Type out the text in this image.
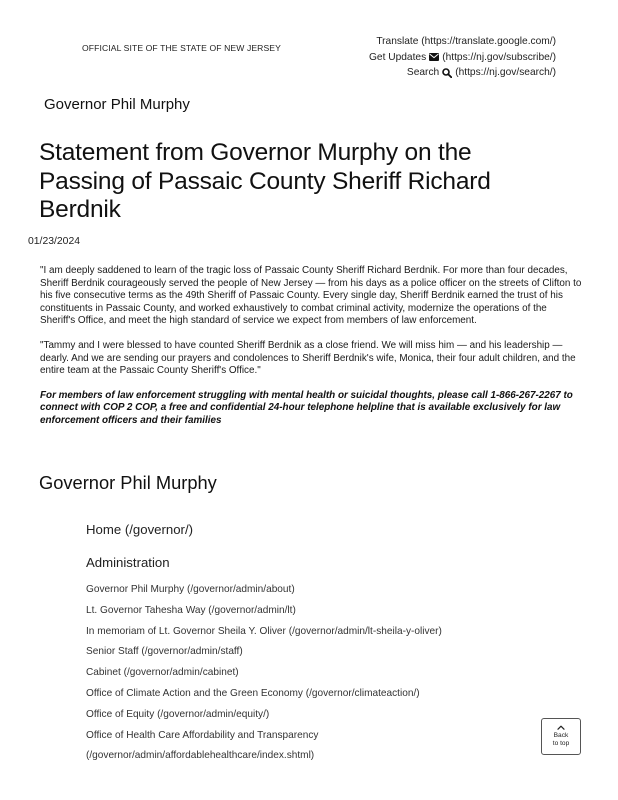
OFFICIAL SITE OF THE STATE OF NEW JERSEY
Translate (https://translate.google.com/)
Get Updates (https://nj.gov/subscribe/)
Search (https://nj.gov/search/)
Governor Phil Murphy
Statement from Governor Murphy on the Passing of Passaic County Sheriff Richard Berdnik
01/23/2024

"I am deeply saddened to learn of the tragic loss of Passaic County Sheriff Richard Berdnik. For more than four decades, Sheriff Berdnik courageously served the people of New Jersey — from his days as a police officer on the streets of Clifton to his five consecutive terms as the 49th Sheriff of Passaic County. Every single day, Sheriff Berdnik earned the trust of his constituents in Passaic County, and worked exhaustively to combat criminal activity, modernize the operations of the Sheriff's Office, and meet the high standard of service we expect from members of law enforcement.

"Tammy and I were blessed to have counted Sheriff Berdnik as a close friend. We will miss him — and his leadership — dearly. And we are sending our prayers and condolences to Sheriff Berdnik's wife, Monica, their four adult children, and the entire team at the Passaic County Sheriff's Office."

For members of law enforcement struggling with mental health or suicidal thoughts, please call 1-866-267-2267 to connect with COP 2 COP, a free and confidential 24-hour telephone helpline that is available exclusively for law enforcement officers and their families

Governor Phil Murphy
Home (/governor/)
Administration
Governor Phil Murphy (/governor/admin/about)
Lt. Governor Tahesha Way (/governor/admin/lt)
In memoriam of Lt. Governor Sheila Y. Oliver (/governor/admin/lt-sheila-y-oliver)
Senior Staff (/governor/admin/staff)
Cabinet (/governor/admin/cabinet)
Office of Climate Action and the Green Economy (/governor/climateaction/)
Office of Equity (/governor/admin/equity/)
Office of Health Care Affordability and Transparency
(/governor/admin/affordablehealthcare/index.shtml)
Back
to top
